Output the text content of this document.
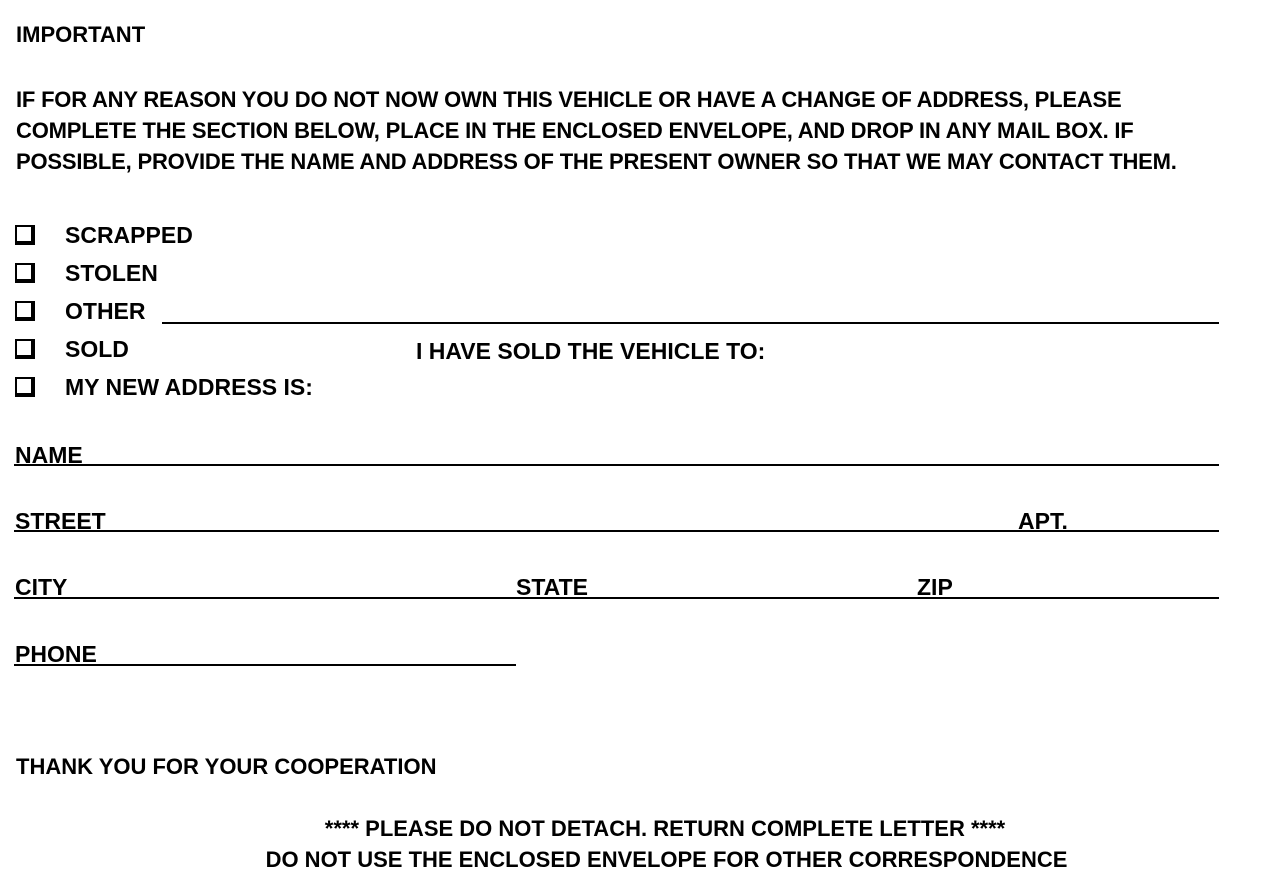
IMPORTANT
IF FOR ANY REASON YOU DO NOT NOW OWN THIS VEHICLE OR HAVE A CHANGE OF ADDRESS, PLEASE
COMPLETE THE SECTION BELOW, PLACE IN THE ENCLOSED ENVELOPE, AND DROP IN ANY MAIL BOX. IF
POSSIBLE, PROVIDE THE NAME AND ADDRESS OF THE PRESENT OWNER SO THAT WE MAY CONTACT THEM.
SCRAPPED
STOLEN
OTHER
SOLD	I HAVE SOLD THE VEHICLE TO:
MY NEW ADDRESS IS:
NAME
STREET	APT.
CITY	STATE	ZIP
PHONE
THANK YOU FOR YOUR COOPERATION
**** PLEASE DO NOT DETACH. RETURN COMPLETE LETTER ****
DO NOT USE THE ENCLOSED ENVELOPE FOR OTHER CORRESPONDENCE
